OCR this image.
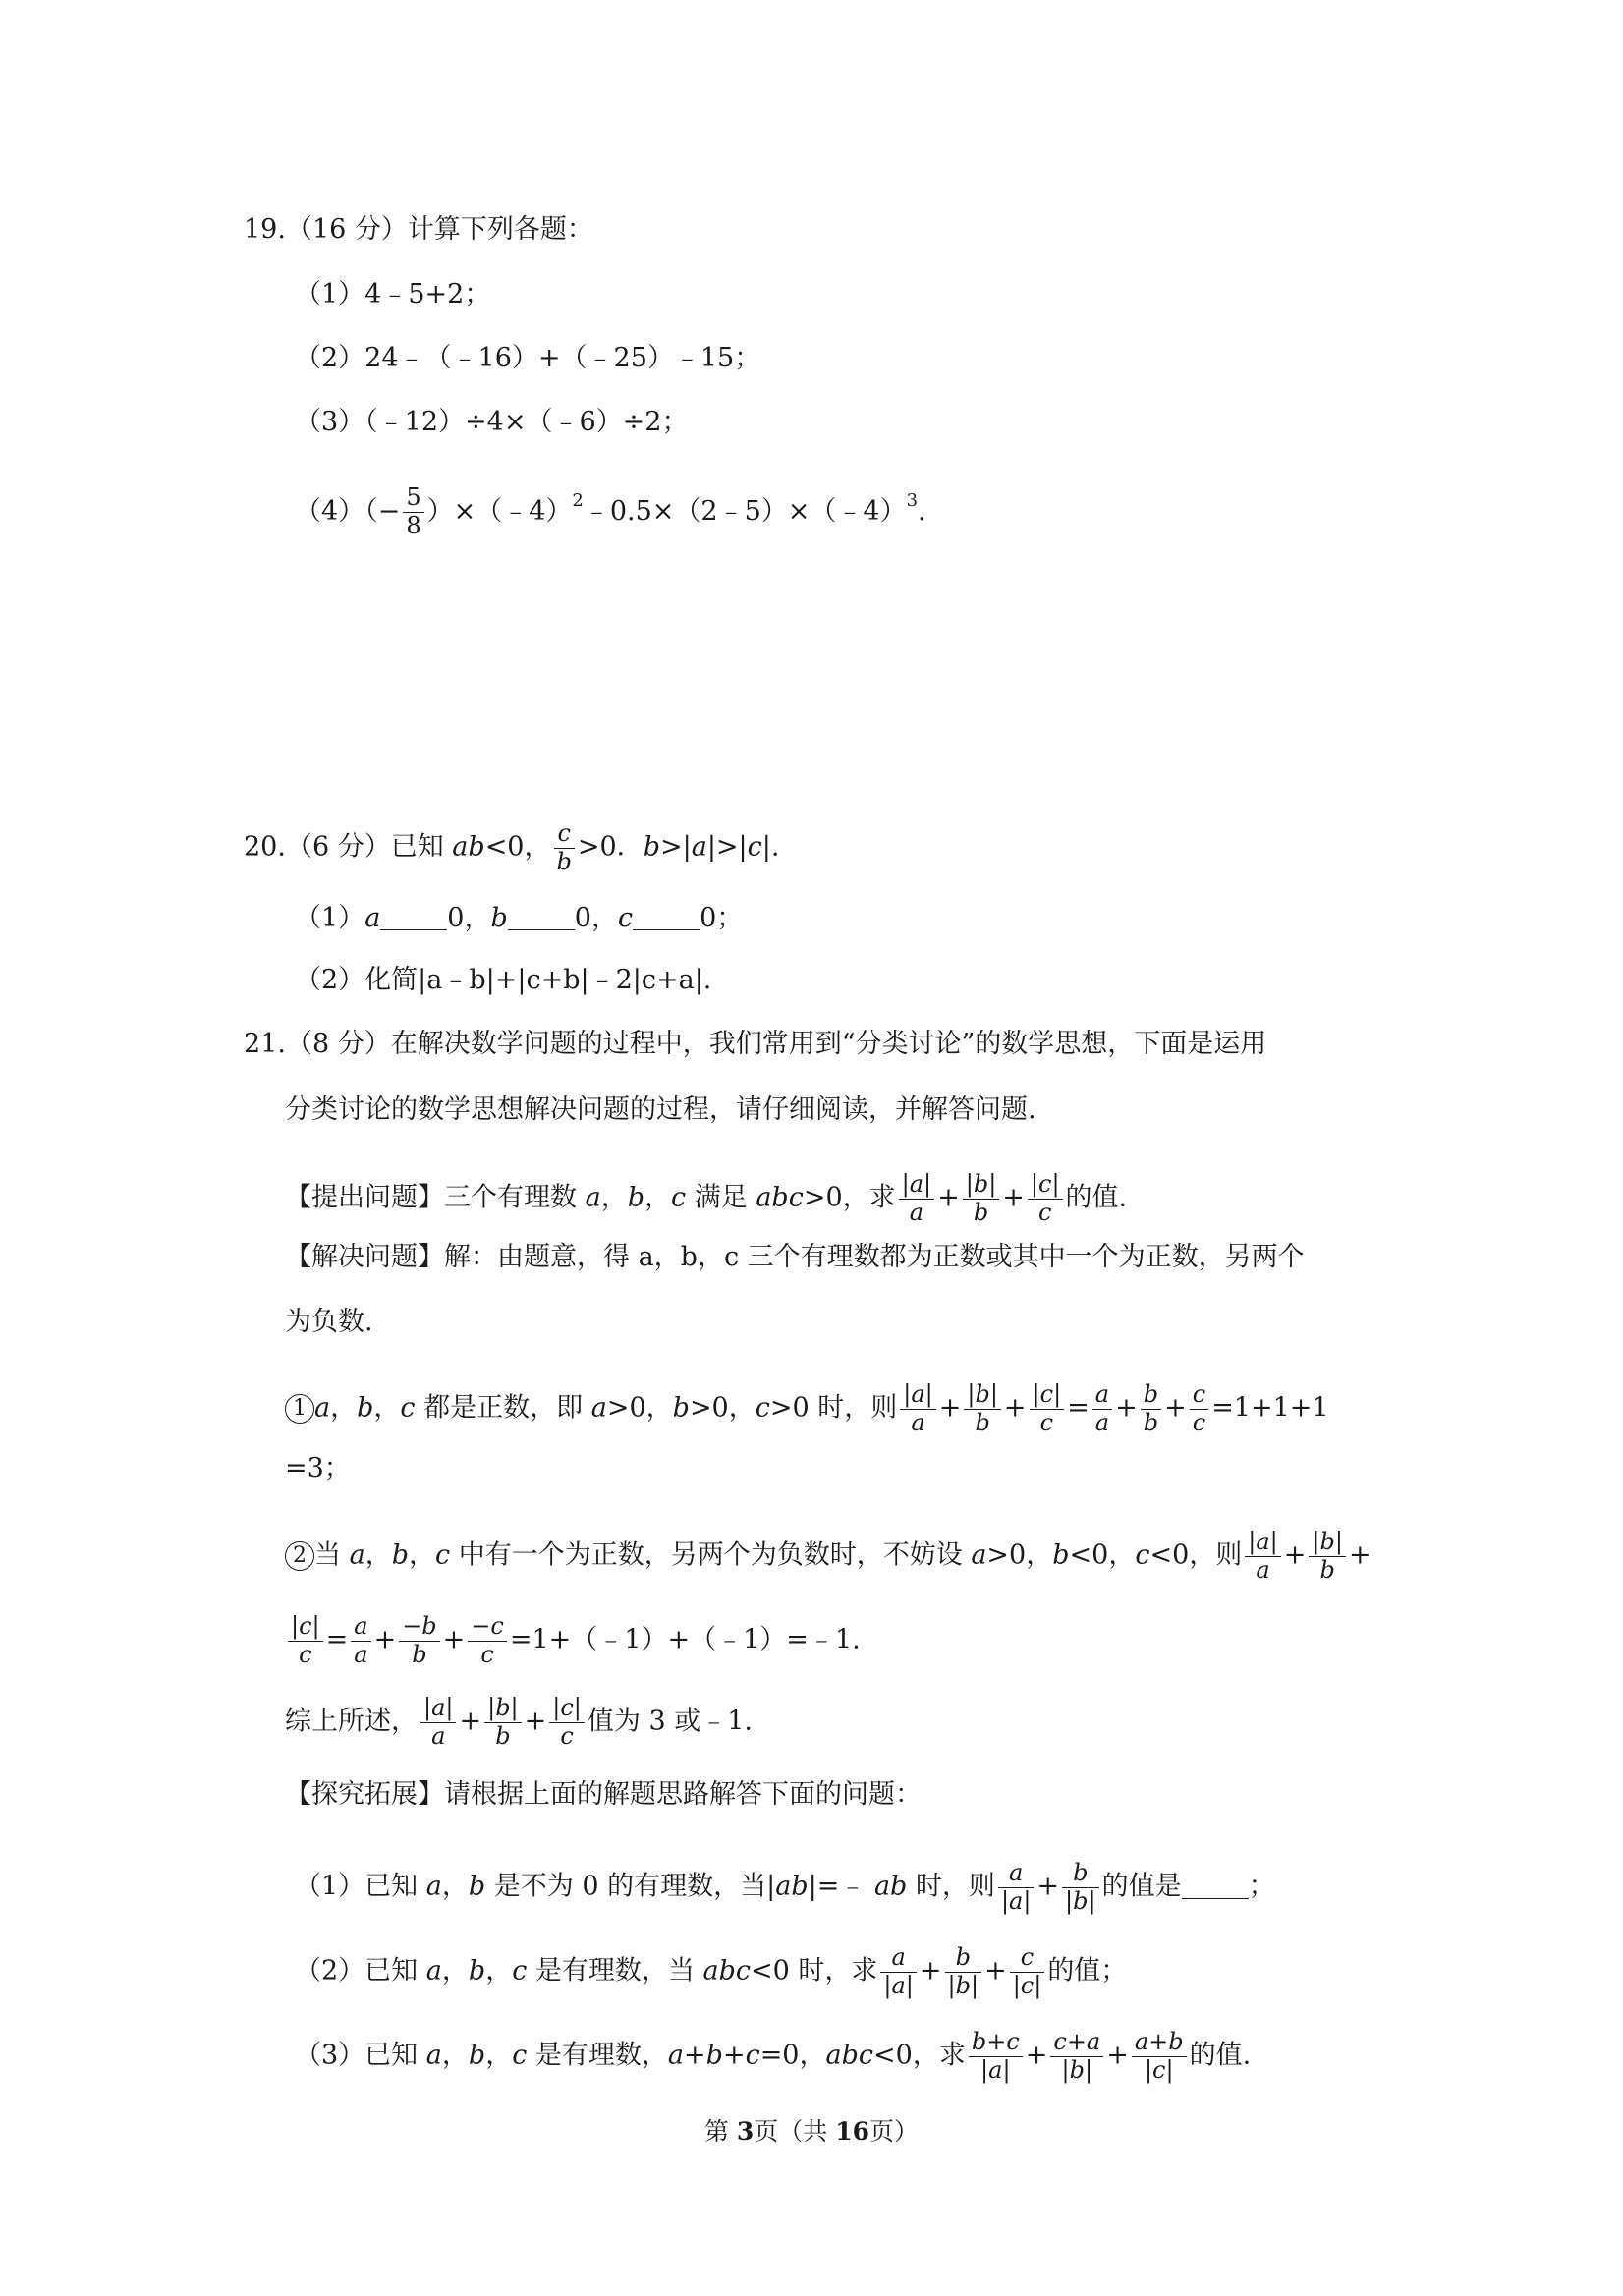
19.（16 分）计算下列各题：
（1）4﹣5+2；
（2）24﹣（﹣16）+（﹣25）﹣15；
（3）（﹣12）÷4×（﹣6）÷2；
$(4)(- \frac{5}{8}$ ）×（﹣4）$^2$﹣0.5×（2﹣5）×（﹣4）$^3$.
20.（6 分）已知 ab<0， $\frac{c}{b} >0$．b>|a|>|c|.
（1）a	0，b	0，c	0；
（2）化简|a﹣b|+|c+b|﹣2|c+a|.
21.（8 分）在解决数学问题的过程中，我们常用到“分类讨论”的数学思想，下面是运用
分类讨论的数学思想解决问题的过程，请仔细阅读，并解答问题.
【提出问题】三个有理数 a，b，c 满足 abc>0，求 $\frac{|a|}{a} + \frac{|b|}{b} + \frac{|c|}{c}$ 的值.
【解决问题】解：由题意，得 a，b，c 三个有理数都为正数或其中一个为正数，另两个
为负数.
1 a，b，c 都是正数，即 a>0，b>0，c>0 时，则 $\frac{|a|}{a} + \frac{|b|}{b} + \frac{|c|}{c} = \frac{a}{a} + \frac{b}{b} + \frac{c}{c} =1+1+1$
=3；
2 当 a，b，c 中有一个为正数，另两个为负数时，不妨设 a>0，b<0，c<0，则 $\frac{|a|}{a} + \frac{|b|}{b}$ +
$\frac{|c|}{c} = \frac{a}{a} + \frac{-b}{b} + \frac{-c}{c}$ =1+（﹣1）+（﹣1）=﹣1.
综上所述， $\frac{|a|}{a} + \frac{|b|}{b} + \frac{|c|}{c}$ 值为 3 或﹣1.
【探究拓展】请根据上面的解题思路解答下面的问题：
（1）已知 a，b 是不为 0 的有理数，当|ab|=﹣ ab 时，则 $\frac{a}{|a|} + \frac{b}{|b|}$ 的值是	；
（2）已知 a，b，c 是有理数，当 abc<0 时，求 $\frac{a}{|a|} + \frac{b}{|b|} + \frac{c}{|c|}$ 的值；
（3）已知 a，b，c 是有理数，a+b+c=0，abc<0，求 $\frac{b+c}{|a|} + \frac{c+a}{|b|} + \frac{a+b}{|c|}$ 的值.
第 3页（共 16页）
